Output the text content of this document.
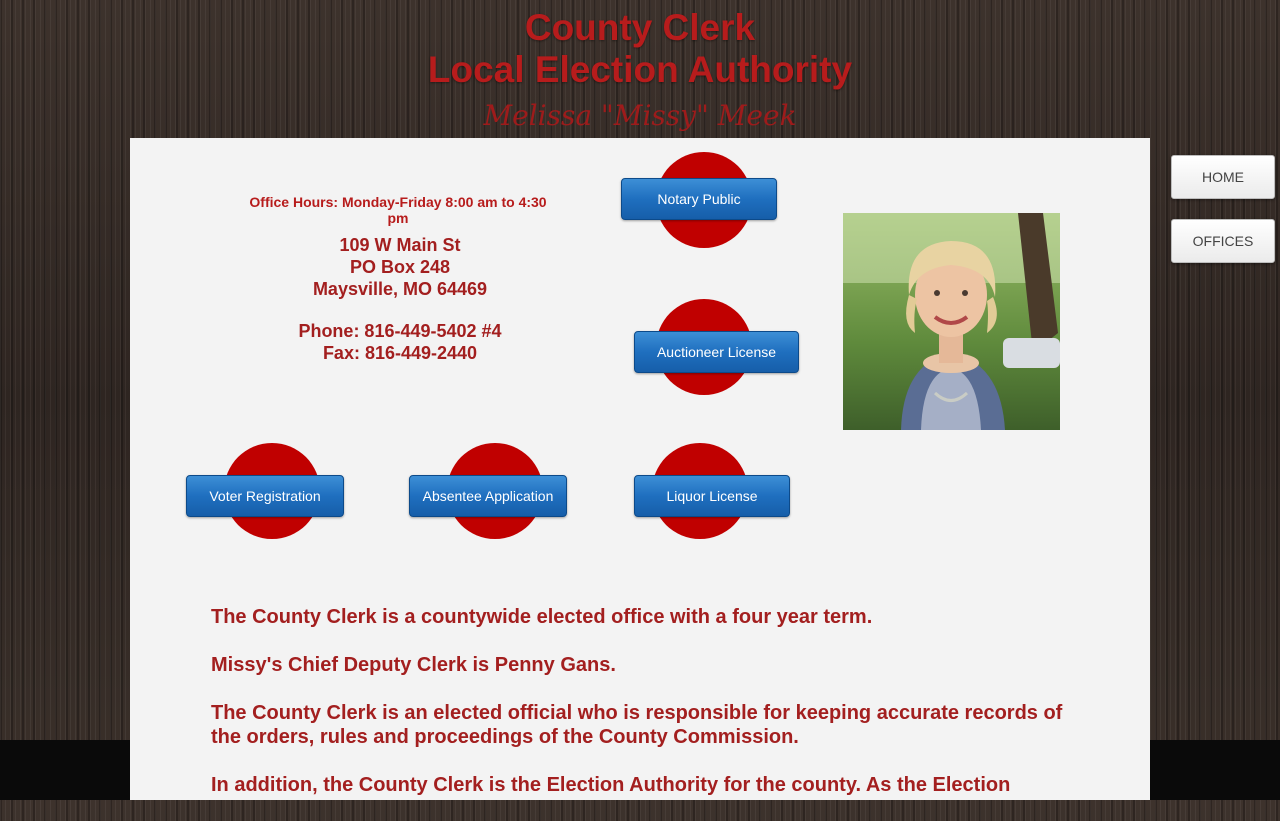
County Clerk
Local Election Authority
Melissa "Missy" Meek
Office Hours: Monday-Friday 8:00 am to 4:30 pm
109 W Main St
PO Box 248
Maysville, MO 64469
Phone: 816-449-5402 #4
Fax: 816-449-2440
Notary Public
Auctioneer License
Voter Registration	Absentee Application	Liquor License

The County Clerk is a countywide elected office with a four year term.

Missy's Chief Deputy Clerk is Penny Gans.

The County Clerk is an elected official who is responsible for keeping accurate records of the orders, rules and proceedings of the County Commission.

In addition, the County Clerk is the Election Authority for the county. As the Election

HOME
OFFICES
